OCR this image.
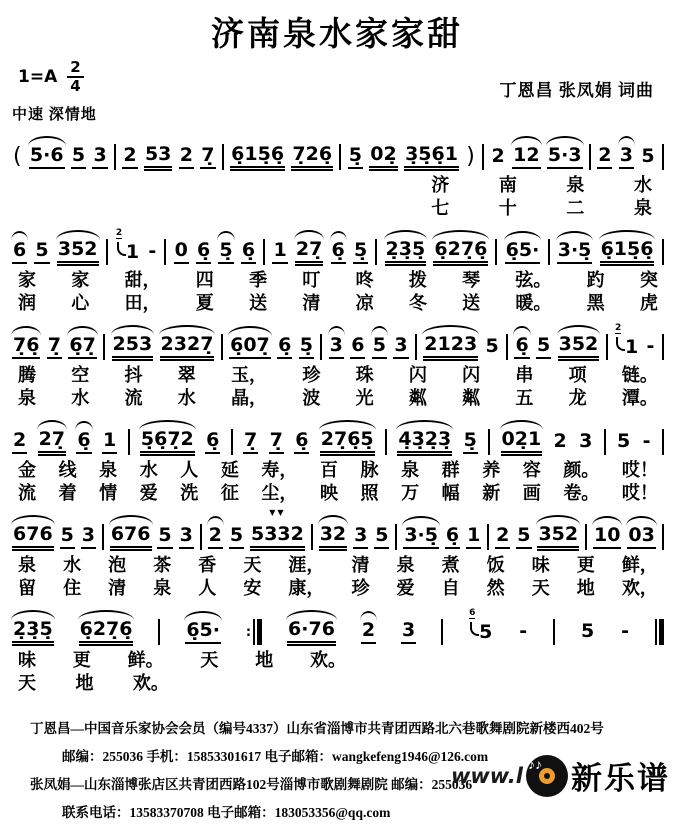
济南泉水家家甜
1=A 2
4	丁恩昌 张凤娟 词曲
中速 深情地
( 5·6 5 3 2 53 2 7̣ 6̣15̣6̣ 7̣26̣ 5̣ 02̣ 3̣5̣6̣1 ) 2 12 5·3 2 3 5
济	南	泉	水
七	十	二	泉
6 5 352
2
1 - 0 6̣ 5̣ 6̣ 1 27̣ 6̣ 5̣ 2̣3̣5̣ 6̣27̣6̣ 6̣5· 3·5̣ 6̣15̣6̣
家 家 甜， 四 季 叮 咚 拨 琴 弦。 趵 突
润 心 田， 夏 送 清 凉 冬 送 暖。 黑 虎
7̣6̣ 7̣ 6̣7̣ 253 2327̣ 6̣07̣ 6̣ 5̣ 3 6 5 3 2123 5 6̣ 5 352
2
1 -
腾 空 抖 翠 玉， 珍 珠 闪 闪 串 项 链。
泉 水 流 水 晶， 波 光 粼 粼 五 龙 潭。
2 27̣ 6̣ 1 5̣6̣7̣2 6̣ 7̣ 7̣ 6̣ 27̣6̣5̣ 4̣3̣2̣3̣ 5̣ 02̣1 2 3 5 -
金 线 泉 水 人 延 寿， 百 脉 泉 群 养 容 颜。 哎！
流 着 情 爱 洗 征 尘， 映 照 万 幅 新 画 卷。 哎！
676 5 3 676 5 3 2 5
▼▼
5332 32 3 5 3·5̣ 6̣ 1 2 5 352 10 03
泉 水 泡 茶 香 天 涯， 清 泉 煮 饭 味 更 鲜，
留 住 清 泉 人 安 康， 珍 爱 自 然 天 地 欢，
2̣3̣5̣ 6̣27̣6̣	6̣5· : 6·76 2 3
6
5 -	5 -
味 更 鲜。 天 地 欢。
天 地 欢。
丁恩昌—中国音乐家协会会员（编号4337）山东省淄博市共青团西路北六巷歌舞剧院新楼西402号
邮编：255036 手机：15853301617 电子邮箱：wangkefeng1946@126.com
张凤娟—山东淄博张店区共青团西路102号淄博市歌剧舞剧院 邮编：255036
联系电话：13583370708 电子邮箱：183053356@qq.com
www.l ♪♪ 新乐谱
